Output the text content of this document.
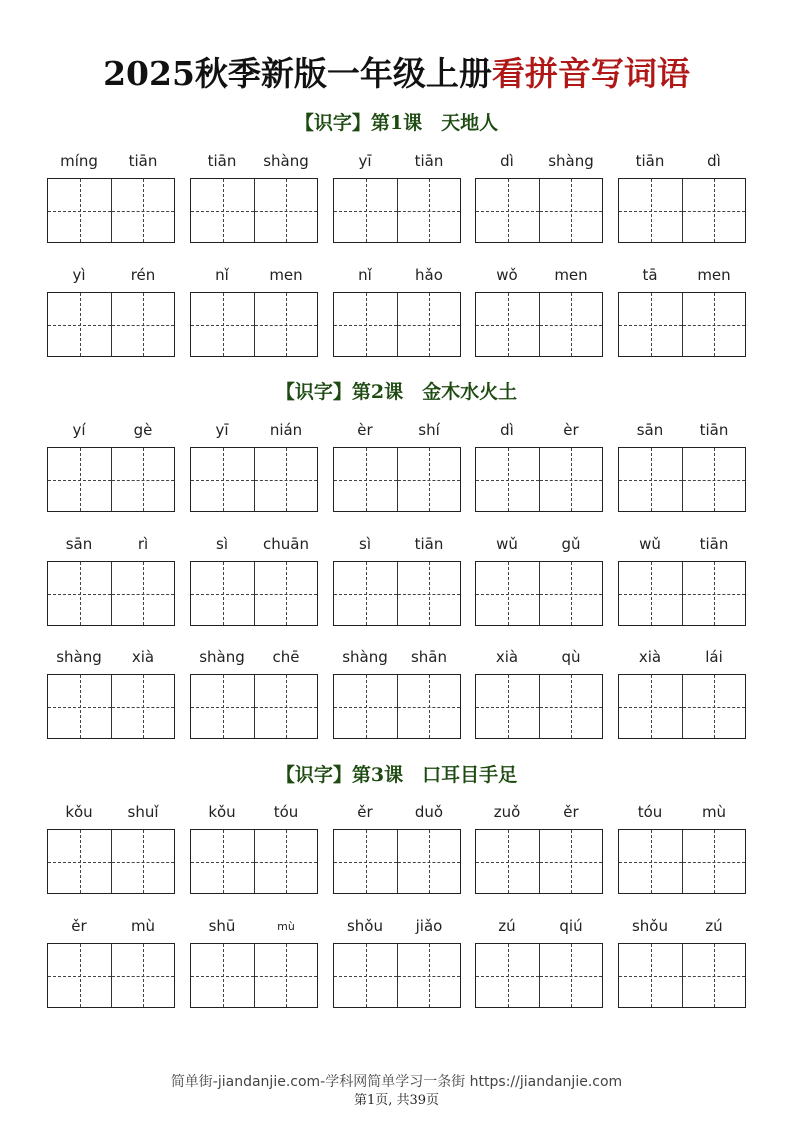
2025秋季新版一年级上册看拼音写词语
【识字】第1课　天地人
míng	tiān	tiān	shàng	yī	tiān	dì	shàng	tiān	dì
yì	rén	nǐ	men	nǐ	hǎo	wǒ	men	tā	men
【识字】第2课　金木水火土
yí	gè	yī	nián	èr	shí	dì	èr	sān	tiān
sān	rì	sì	chuān	sì	tiān	wǔ	gǔ	wǔ	tiān
shàng	xià	shàng	chē	shàng	shān	xià	qù	xià	lái
【识字】第3课　口耳目手足
kǒu	shuǐ	kǒu	tóu	ěr	duǒ	zuǒ	ěr	tóu	mù
ěr	mù	shū	mù	shǒu	jiǎo	zú	qiú	shǒu	zú
简单街-jiandanjie.com-学科网简单学习一条街 https://jiandanjie.com
第1页, 共39页
